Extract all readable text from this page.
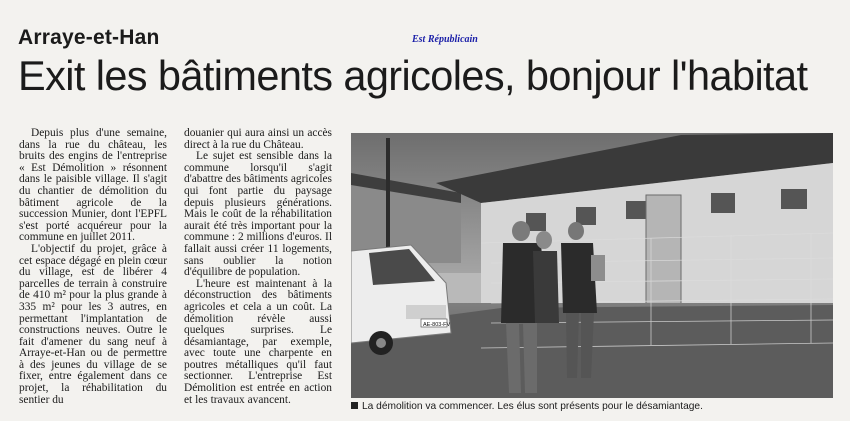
Arraye-et-Han	Est Républicain
Exit les bâtiments agricoles, bonjour l'habitat

Depuis plus d'une semaine, dans la rue du château, les bruits des engins de l'entreprise « Est Démolition » résonnent dans le paisible village. Il s'agit du chantier de démolition du bâtiment agricole de la succession Munier, dont l'EPFL s'est porté acquéreur pour la commune en juillet 2011.

L'objectif du projet, grâce à cet espace dégagé en plein cœur du village, est de libérer 4 parcelles de terrain à construire de 410 m² pour la plus grande à 335 m² pour les 3 autres, en permettant l'implantation de constructions neuves. Outre le fait d'amener du sang neuf à Arraye-et-Han ou de permettre à des jeunes du village de se fixer, entre également dans ce projet, la réhabilitation du sentier du

douanier qui aura ainsi un accès direct à la rue du Château.

Le sujet est sensible dans la commune lorsqu'il s'agit d'abattre des bâtiments agricoles qui font partie du paysage depuis plusieurs générations. Mais le coût de la réhabilitation aurait été très important pour la commune : 2 millions d'euros. Il fallait aussi créer 11 logements, sans oublier la notion d'équilibre de population.

L'heure est maintenant à la déconstruction des bâtiments agricoles et cela a un coût. La démolition révèle aussi quelques surprises. Le désamiantage, par exemple, avec toute une charpente en poutres métalliques qu'il faut sectionner. L'entreprise Est Démolition est entrée en action et les travaux avancent.

AE-803-FV
La démolition va commencer. Les élus sont présents pour le désamiantage.
